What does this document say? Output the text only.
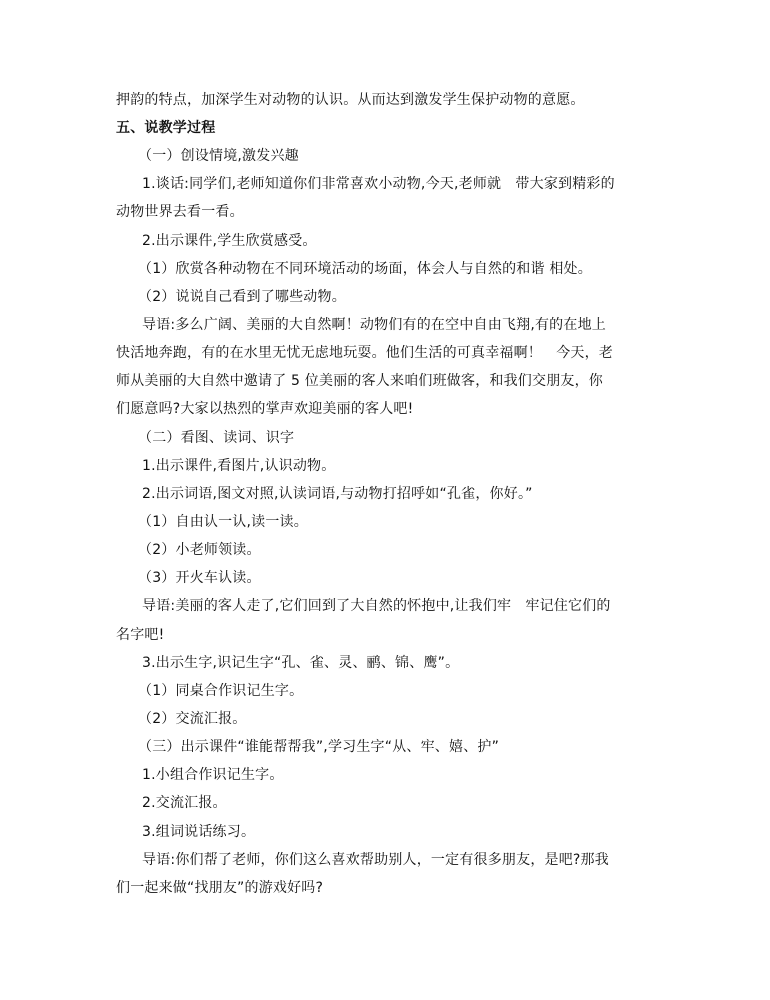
押韵的特点，加深学生对动物的认识。从而达到激发学生保护动物的意愿。
五、说教学过程
（一）创设情境,激发兴趣
1.谈话:同学们,老师知道你们非常喜欢小动物,今天,老师就　带大家到精彩的
动物世界去看一看。
2.出示课件,学生欣赏感受。
（1）欣赏各种动物在不同环境活动的场面，体会人与自然的和谐 相处。
（2）说说自己看到了哪些动物。
导语:多么广阔、美丽的大自然啊！动物们有的在空中自由飞翔,有的在地上
快活地奔跑，有的在水里无忧无虑地玩耍。他们生活的可真幸福啊！　今天，老
师从美丽的大自然中邀请了 5 位美丽的客人来咱们班做客，和我们交朋友，你
们愿意吗?大家以热烈的掌声欢迎美丽的客人吧!
（二）看图、读词、识字
1.出示课件,看图片,认识动物。
2.出示词语,图文对照,认读词语,与动物打招呼如“孔雀，你好。”
（1）自由认一认,读一读。
（2）小老师领读。
（3）开火车认读。
导语:美丽的客人走了,它们回到了大自然的怀抱中,让我们牢　牢记住它们的
名字吧!
3.出示生字,识记生字“孔、雀、灵、鹂、锦、鹰”。
（1）同桌合作识记生字。
（2）交流汇报。
（三）出示课件“谁能帮帮我”,学习生字“从、牢、嬉、护”
1.小组合作识记生字。
2.交流汇报。
3.组词说话练习。
导语:你们帮了老师，你们这么喜欢帮助别人，一定有很多朋友，是吧?那我
们一起来做“找朋友”的游戏好吗?
